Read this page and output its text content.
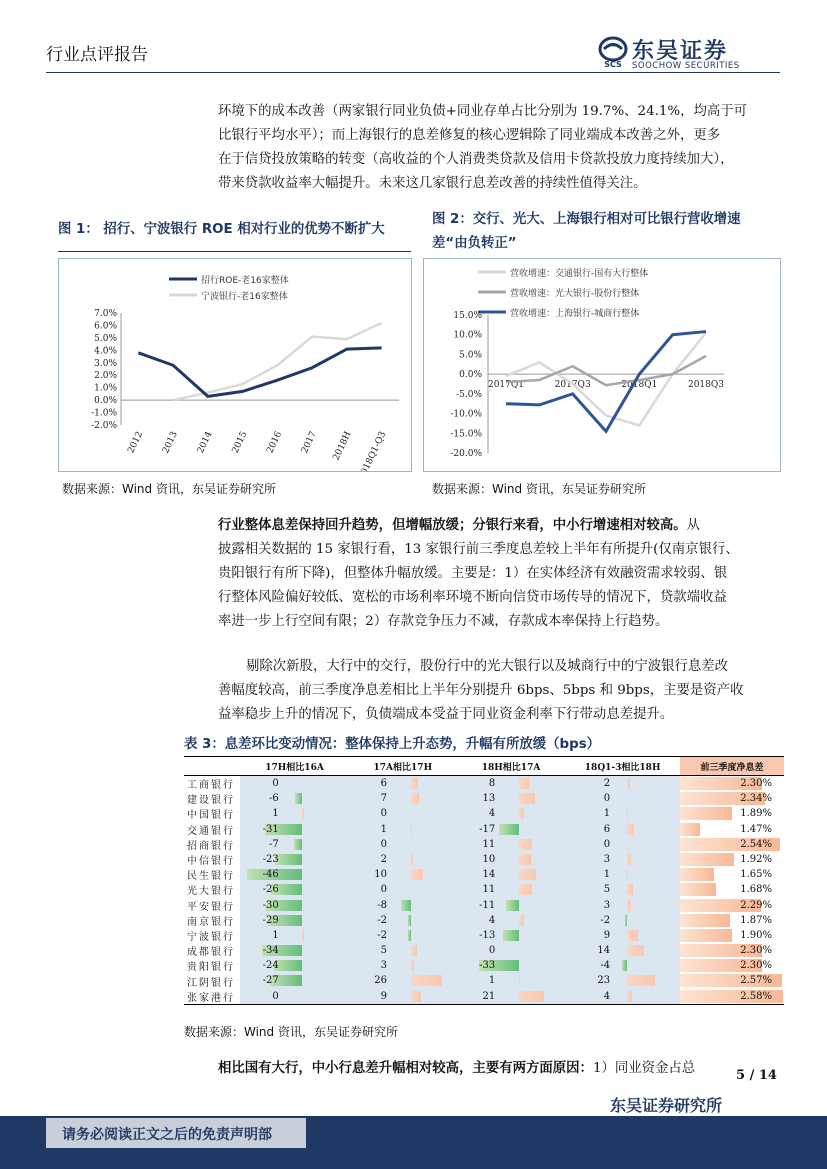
行业点评报告	SCS
东吴证券
SOOCHOW SECURITIES
环境下的成本改善（两家银行同业负债+同业存单占比分别为 19.7%、24.1%，均高于可
比银行平均水平）；而上海银行的息差修复的核心逻辑除了同业端成本改善之外，更多
在于信贷投放策略的转变（高收益的个人消费类贷款及信用卡贷款投放力度持续加大），
带来贷款收益率大幅提升。未来这几家银行息差改善的持续性值得关注。
图 1： 招行、宁波银行 ROE 相对行业的优势不断扩大
招行ROE-老16家整体
宁波银行-老16家整体
7.0%
6.0%
5.0%
4.0%
3.0%
2.0%
1.0%
0.0%
-1.0%
-2.0%
2012 2013 2014 2015 2016 2017 2018H 2018Q1-Q3
数据来源：Wind 资讯，东吴证券研究所
图 2：交行、光大、上海银行相对可比银行营收增速
差“由负转正”
营收增速：交通银行-国有大行整体
营收增速：光大银行-股份行整体
营收增速：上海银行-城商行整体
15.0%
10.0%
5.0%
0.0%
-5.0%
-10.0%
-15.0%
-20.0%
2017Q1	2017Q3	2018Q1	2018Q3
数据来源：Wind 资讯，东吴证券研究所
行业整体息差保持回升趋势，但增幅放缓；分银行来看，中小行增速相对较高。从
披露相关数据的 15 家银行看，13 家银行前三季度息差较上半年有所提升(仅南京银行、
贵阳银行有所下降)，但整体升幅放缓。主要是：1）在实体经济有效融资需求较弱、银
行整体风险偏好较低、宽松的市场利率环境不断向信贷市场传导的情况下，贷款端收益
率进一步上行空间有限；2）存款竞争压力不减，存款成本率保持上行趋势。
剔除次新股，大行中的交行，股份行中的光大银行以及城商行中的宁波银行息差改
善幅度较高，前三季度净息差相比上半年分别提升 6bps、5bps 和 9bps，主要是资产收
益率稳步上升的情况下，负债端成本受益于同业资金利率下行带动息差提升。
表 3：息差环比变动情况：整体保持上升态势，升幅有所放缓（bps）
	17H相比16A	17A相比17H	18H相比17A	18Q1-3相比18H	前三季度净息差
工商银行	0	6	8	2	2.30%

建设银行	-6	7	13	0	2.34%

中国银行	1	0	4	1	1.89%

交通银行	-31	1	-17	6	1.47%

招商银行	-7	0	11	0	2.54%

中信银行	-23	2	10	3	1.92%

民生银行	-46	10	14	1	1.65%

光大银行	-26	0	11	5	1.68%

平安银行	-30	-8	-11	3	2.29%

南京银行	-29	-2	4	-2	1.87%

宁波银行	1	-2	-13	9	1.90%

成都银行	-34	5	0	14	2.30%

贵阳银行	-24	3	-33	-4	2.30%

江阴银行	-27	26	1	23	2.57%

张家港行	0	9	21	4	2.58%
数据来源：Wind 资讯，东吴证券研究所
相比国有大行，中小行息差升幅相对较高，主要有两方面原因：1）同业资金占总	5 / 14
东吴证券研究所
请务必阅读正文之后的免责声明部
